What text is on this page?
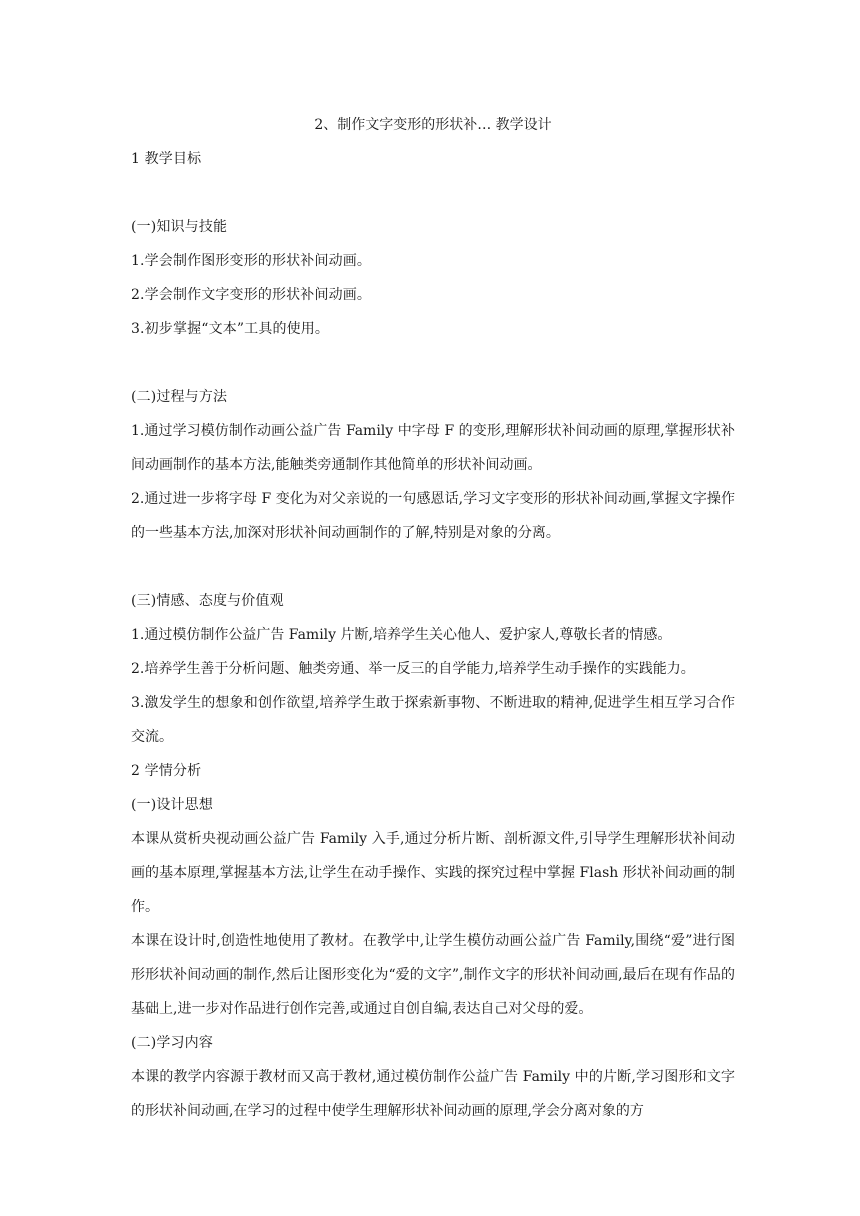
2、制作文字变形的形状补… 教学设计

1 教学目标

(一)知识与技能

1.学会制作图形变形的形状补间动画。

2.学会制作文字变形的形状补间动画。

3.初步掌握“文本”工具的使用。

(二)过程与方法

1.通过学习模仿制作动画公益广告 Family 中字母 F 的变形,理解形状补间动画的原理,掌握形状补间动画制作的基本方法,能触类旁通制作其他简单的形状补间动画。

2.通过进一步将字母 F 变化为对父亲说的一句感恩话,学习文字变形的形状补间动画,掌握文字操作的一些基本方法,加深对形状补间动画制作的了解,特别是对象的分离。

(三)情感、态度与价值观

1.通过模仿制作公益广告 Family 片断,培养学生关心他人、爱护家人,尊敬长者的情感。

2.培养学生善于分析问题、触类旁通、举一反三的自学能力,培养学生动手操作的实践能力。

3.激发学生的想象和创作欲望,培养学生敢于探索新事物、不断进取的精神,促进学生相互学习合作交流。

2 学情分析

(一)设计思想

本课从赏析央视动画公益广告 Family 入手,通过分析片断、剖析源文件,引导学生理解形状补间动画的基本原理,掌握基本方法,让学生在动手操作、实践的探究过程中掌握 Flash 形状补间动画的制作。

本课在设计时,创造性地使用了教材。在教学中,让学生模仿动画公益广告 Family,围绕“爱”进行图形形状补间动画的制作,然后让图形变化为“爱的文字”,制作文字的形状补间动画,最后在现有作品的基础上,进一步对作品进行创作完善,或通过自创自编,表达自己对父母的爱。

(二)学习内容

本课的教学内容源于教材而又高于教材,通过模仿制作公益广告 Family 中的片断,学习图形和文字的形状补间动画,在学习的过程中使学生理解形状补间动画的原理,学会分离对象的方
